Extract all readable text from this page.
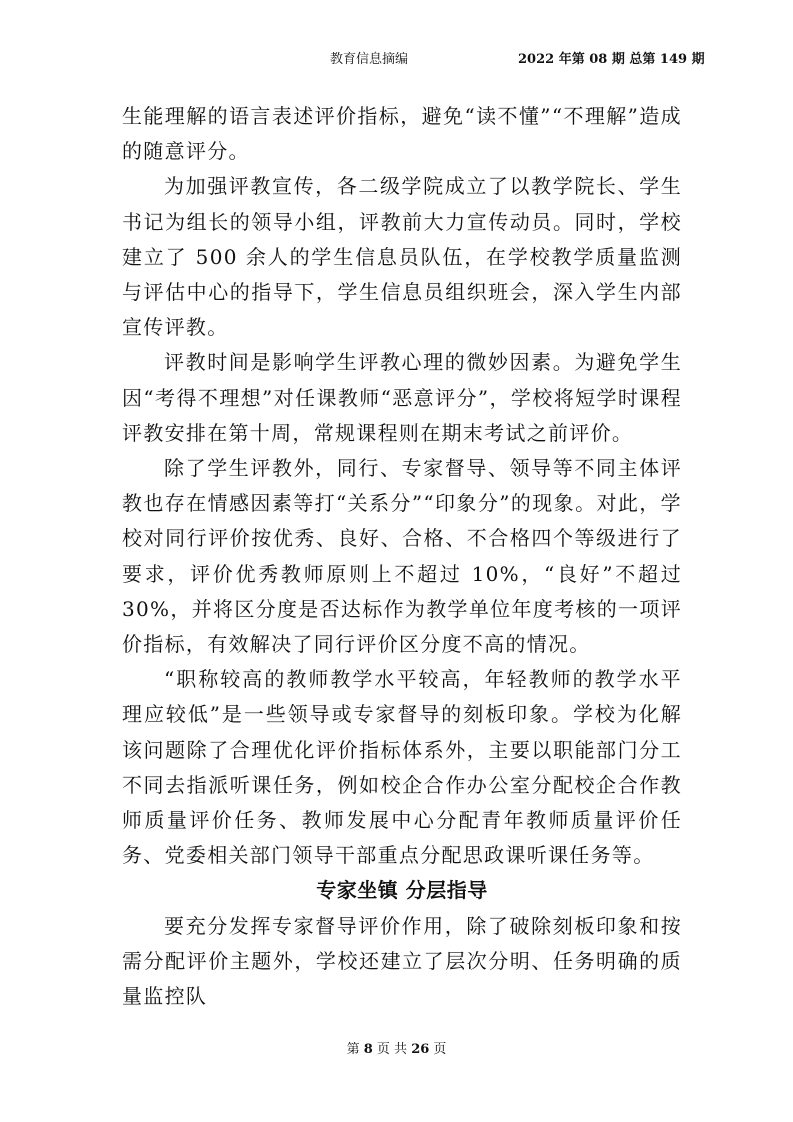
教育信息摘编	2022 年第 08 期 总第 149 期

生能理解的语言表述评价指标，避免“读不懂”“不理解”造成的随意评分。

为加强评教宣传，各二级学院成立了以教学院长、学生书记为组长的领导小组，评教前大力宣传动员。同时，学校建立了 500 余人的学生信息员队伍，在学校教学质量监测与评估中心的指导下，学生信息员组织班会，深入学生内部宣传评教。

评教时间是影响学生评教心理的微妙因素。为避免学生因“考得不理想”对任课教师“恶意评分”，学校将短学时课程评教安排在第十周，常规课程则在期末考试之前评价。

除了学生评教外，同行、专家督导、领导等不同主体评教也存在情感因素等打“关系分”“印象分”的现象。对此，学校对同行评价按优秀、良好、合格、不合格四个等级进行了要求，评价优秀教师原则上不超过 10%，“良好”不超过 30%，并将区分度是否达标作为教学单位年度考核的一项评价指标，有效解决了同行评价区分度不高的情况。

“职称较高的教师教学水平较高，年轻教师的教学水平理应较低”是一些领导或专家督导的刻板印象。学校为化解该问题除了合理优化评价指标体系外，主要以职能部门分工不同去指派听课任务，例如校企合作办公室分配校企合作教师质量评价任务、教师发展中心分配青年教师质量评价任务、党委相关部门领导干部重点分配思政课听课任务等。

专家坐镇 分层指导

要充分发挥专家督导评价作用，除了破除刻板印象和按需分配评价主题外，学校还建立了层次分明、任务明确的质量监控队

第 8 页 共 26 页
